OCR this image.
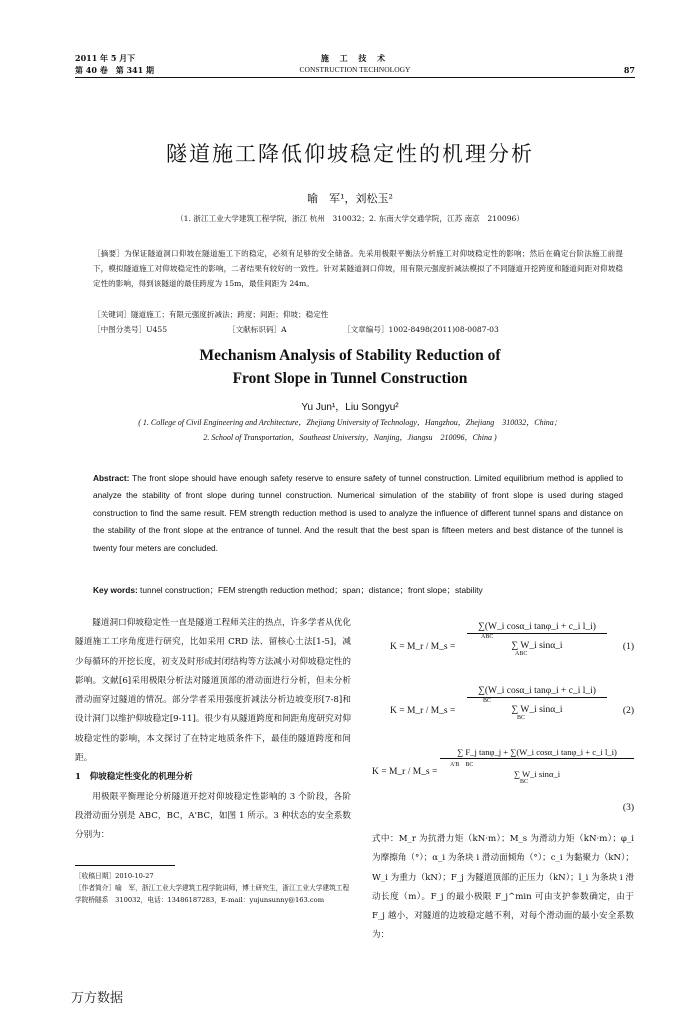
2011 年 5 月下
第 40 卷　第 341 期
施 工 技 术
CONSTRUCTION TECHNOLOGY	87
隧道施工降低仰坡稳定性的机理分析
喻　军¹，刘松玉²
（1. 浙江工业大学建筑工程学院，浙江 杭州　310032；2. 东南大学交通学院，江苏 南京　210096）
［摘要］为保证隧道洞口仰坡在隧道施工下的稳定，必须有足够的安全储备。先采用极限平衡法分析施工对仰坡稳定性的影响；然后在确定台阶法施工前提下，模拟隧道施工对仰坡稳定性的影响，二者结果有较好的一致性。针对某隧道洞口仰坡，用有限元强度折减法模拟了不同隧道开挖跨度和隧道间距对仰坡稳定性的影响，得到该隧道的最佳跨度为 15m，最佳间距为 24m。
［关键词］隧道施工；有限元强度折减法；跨度；间距；仰坡；稳定性
［中图分类号］U455	［文献标识码］A	［文章编号］1002-8498(2011)08-0087-03
Mechanism Analysis of Stability Reduction of Front Slope in Tunnel Construction
Yu Jun¹，Liu Songyu²
( 1. College of Civil Engineering and Architecture，Zhejiang University of Technology，Hangzhou，Zhejiang　310032，China；
2. School of Transportation，Southeast University，Nanjing，Jiangsu　210096，China )
Abstract: The front slope should have enough safety reserve to ensure safety of tunnel construction. Limited equilibrium method is applied to analyze the stability of front slope during tunnel construction. Numerical simulation of the stability of front slope is used during staged construction to find the same result. FEM strength reduction method is used to analyze the influence of different tunnel spans and distance on the stability of the front slope at the entrance of tunnel. And the result that the best span is fifteen meters and best distance of the tunnel is twenty four meters are concluded.
Key words: tunnel construction；FEM strength reduction method；span；distance；front slope；stability

隧道洞口仰坡稳定性一直是隧道工程师关注的热点，许多学者从优化隧道施工工序角度进行研究，比如采用 CRD 法、留核心土法[1-5]，减少每循环的开挖长度，初支及时形成封闭结构等方法减小对仰坡稳定性的影响。文献[6]采用极限分析法对隧道顶部的滑动面进行分析，但未分析滑动面穿过隧道的情况。部分学者采用强度折减法分析边坡变形[7-8]和设计洞门以维护仰坡稳定[9-11]。很少有从隧道跨度和间距角度研究对仰坡稳定性的影响，本文探讨了在特定地质条件下，最佳的隧道跨度和间距。

1　仰坡稳定性变化的机理分析

用极限平衡理论分析隧道开挖对仰坡稳定性影响的 3 个阶段，各阶段滑动面分别是 ABC，BC，A'BC，如图 1 所示。3 种状态的安全系数分别为：

［收稿日期］2010-10-27
［作者简介］喻　军，浙江工业大学建筑工程学院讲师，博士研究生，浙江工业大学建筑工程学院桥隧系　310032，电话：13486187283，E-mail：yujunsunny@163.com
K = M_r / M_s =
∑(W_i cosα_i tanφ_i + c_i l_i)
ABC
∑ W_i sinα_i
ABC
(1)
K = M_r / M_s =
∑(W_i cosα_i tanφ_i + c_i l_i)
BC
∑ W_i sinα_i
BC
(2)
K = M_r / M_s =
∑ F_j tanφ_j + ∑(W_i cosα_i tanφ_i + c_i l_i)
A'B　BC
∑ W_i sinα_i
BC
(3)
式中：M_r 为抗滑力矩（kN·m）；M_s 为滑动力矩（kN·m）；φ_i 为摩擦角（°）；α_i 为条块 i 滑动面倾角（°）；c_i 为黏聚力（kN）；W_i 为重力（kN）；F_j 为隧道顶部的正压力（kN）；l_i 为条块 i 滑动长度（m）。F_j 的最小极限 F_j^min 可由支护参数确定，由于 F_j 越小，对隧道的边坡稳定越不利，对每个滑动面的最小安全系数为：
万方数据
